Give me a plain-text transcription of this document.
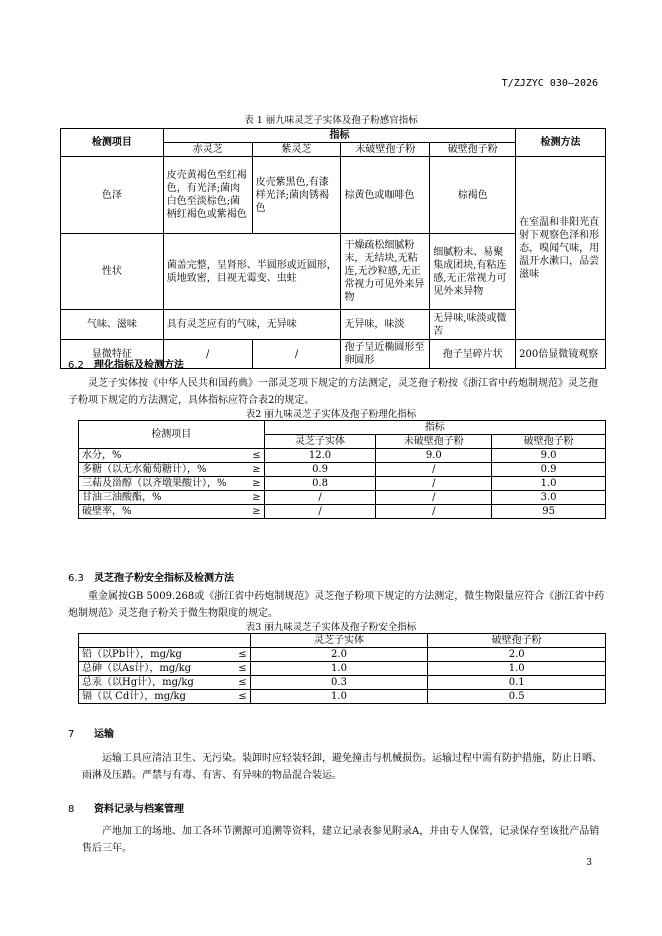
T/ZJZYC 030—2026
表 1 丽九味灵芝子实体及孢子粉感官指标
检测项目	指标				检测方法
	赤灵芝	紫灵芝	未破壁孢子粉	破壁孢子粉	
色泽	皮壳黄褐色至红褐色，有光泽;菌肉白色至淡棕色;菌柄红褐色或紫褐色	皮壳紫黑色,有漆样光泽;菌肉锈褐色	棕黄色或咖啡色	棕褐色	在室温和非阳光直射下观察色泽和形态，嗅闻气味，用温开水漱口，品尝滋味
性状	菌盖完整，呈肾形、半圆形或近圆形，质地致密，目视无霉变、虫蛀		干燥疏松细腻粉末，无结块,无粘连,无沙粒感,无正常视力可见外来异物	细腻粉末、易聚集成团块,有粘连感,无正常视力可见外来异物	
气味、滋味	具有灵芝应有的气味，无异味		无异味，味淡	无异味,味淡或微苦	
显微特征	/	/	孢子呈近椭圆形至卵圆形	孢子呈碎片状	200倍显微镜观察
6.2 理化指标及检测方法
灵芝子实体按《中华人民共和国药典》一部灵芝项下规定的方法测定，灵芝孢子粉按《浙江省中药炮制规范》灵芝孢子粉项下规定的方法测定，具体指标应符合表2的规定。
表2 丽九味灵芝子实体及孢子粉理化指标
检测项目	指标		
	灵芝子实体	未破壁孢子粉	破壁孢子粉
水分，% ≤	12.0	9.0	9.0
多糖（以无水葡萄糖计），% ≥	0.9	/	0.9
三萜及甾醇（以齐墩果酸计），% ≥	0.8	/	1.0
甘油三油酸酯，% ≥	/	/	3.0
破壁率，% ≥	/	/	95
6.3 灵芝孢子粉安全指标及检测方法
重金属按GB 5009.268或《浙江省中药炮制规范》灵芝孢子粉项下规定的方法测定，微生物限量应符合《浙江省中药炮制规范》灵芝孢子粉关于微生物限度的规定。
表3 丽九味灵芝子实体及孢子粉安全指标
	灵芝子实体	破壁孢子粉
铅（以Pb计），mg/kg ≤	2.0	2.0
总砷（以As计），mg/kg ≤	1.0	1.0
总汞（以Hg计），mg/kg ≤	0.3	0.1
镉（以 Cd计），mg/kg ≤	1.0	0.5
7 运输
运输工具应清洁卫生、无污染。装卸时应轻装轻卸，避免撞击与机械损伤。运输过程中需有防护措施，防止日晒、雨淋及压踏。严禁与有毒、有害、有异味的物品混合装运。
8 资料记录与档案管理
产地加工的场地、加工各环节溯源可追溯等资料，建立记录表参见附录A，并由专人保管，记录保存至该批产品销售后三年。
3
